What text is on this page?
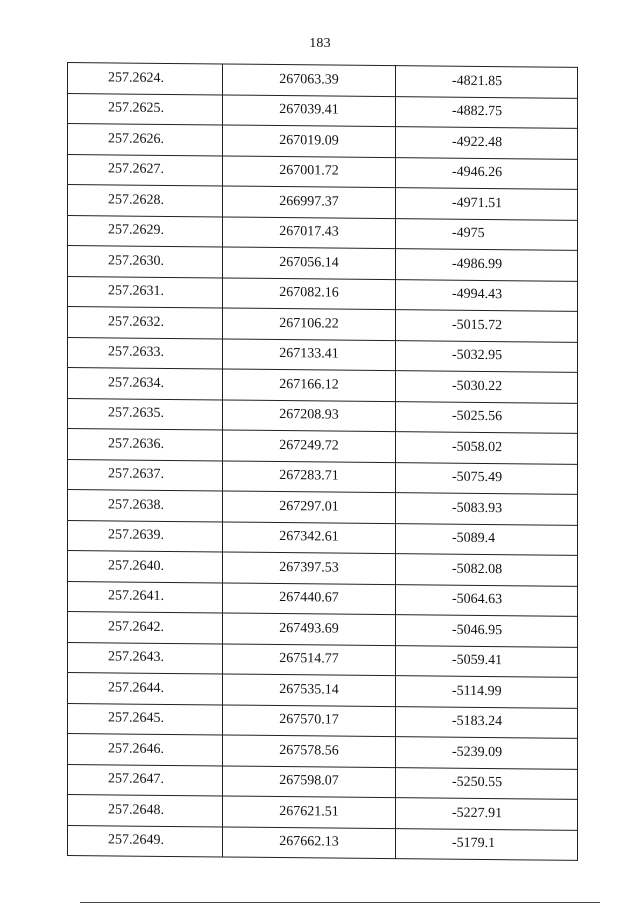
183
257.2624.	267063.39	-4821.85
257.2625.	267039.41	-4882.75
257.2626.	267019.09	-4922.48
257.2627.	267001.72	-4946.26
257.2628.	266997.37	-4971.51
257.2629.	267017.43	-4975
257.2630.	267056.14	-4986.99
257.2631.	267082.16	-4994.43
257.2632.	267106.22	-5015.72
257.2633.	267133.41	-5032.95
257.2634.	267166.12	-5030.22
257.2635.	267208.93	-5025.56
257.2636.	267249.72	-5058.02
257.2637.	267283.71	-5075.49
257.2638.	267297.01	-5083.93
257.2639.	267342.61	-5089.4
257.2640.	267397.53	-5082.08
257.2641.	267440.67	-5064.63
257.2642.	267493.69	-5046.95
257.2643.	267514.77	-5059.41
257.2644.	267535.14	-5114.99
257.2645.	267570.17	-5183.24
257.2646.	267578.56	-5239.09
257.2647.	267598.07	-5250.55
257.2648.	267621.51	-5227.91
257.2649.	267662.13	-5179.1
